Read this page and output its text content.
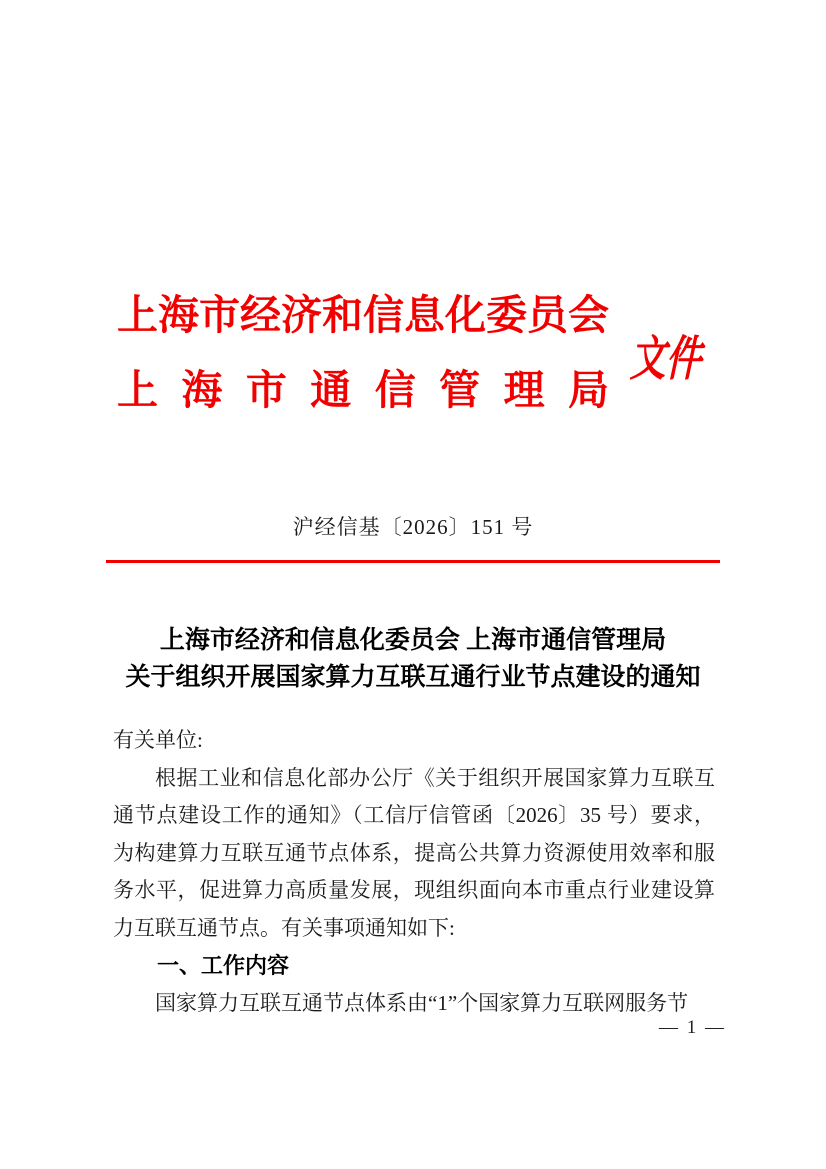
上海市经济和信息化委员会
上海市通信管理局
文件
沪经信基〔2026〕151 号
上海市经济和信息化委员会 上海市通信管理局
关于组织开展国家算力互联互通行业节点建设的通知

有关单位:

根据工业和信息化部办公厅《关于组织开展国家算力互联互通节点建设工作的通知》（工信厅信管函〔2026〕35 号）要求，为构建算力互联互通节点体系，提高公共算力资源使用效率和服务水平，促进算力高质量发展，现组织面向本市重点行业建设算力互联互通节点。有关事项通知如下:

一、工作内容

国家算力互联互通节点体系由“1”个国家算力互联网服务节

— 1 —
